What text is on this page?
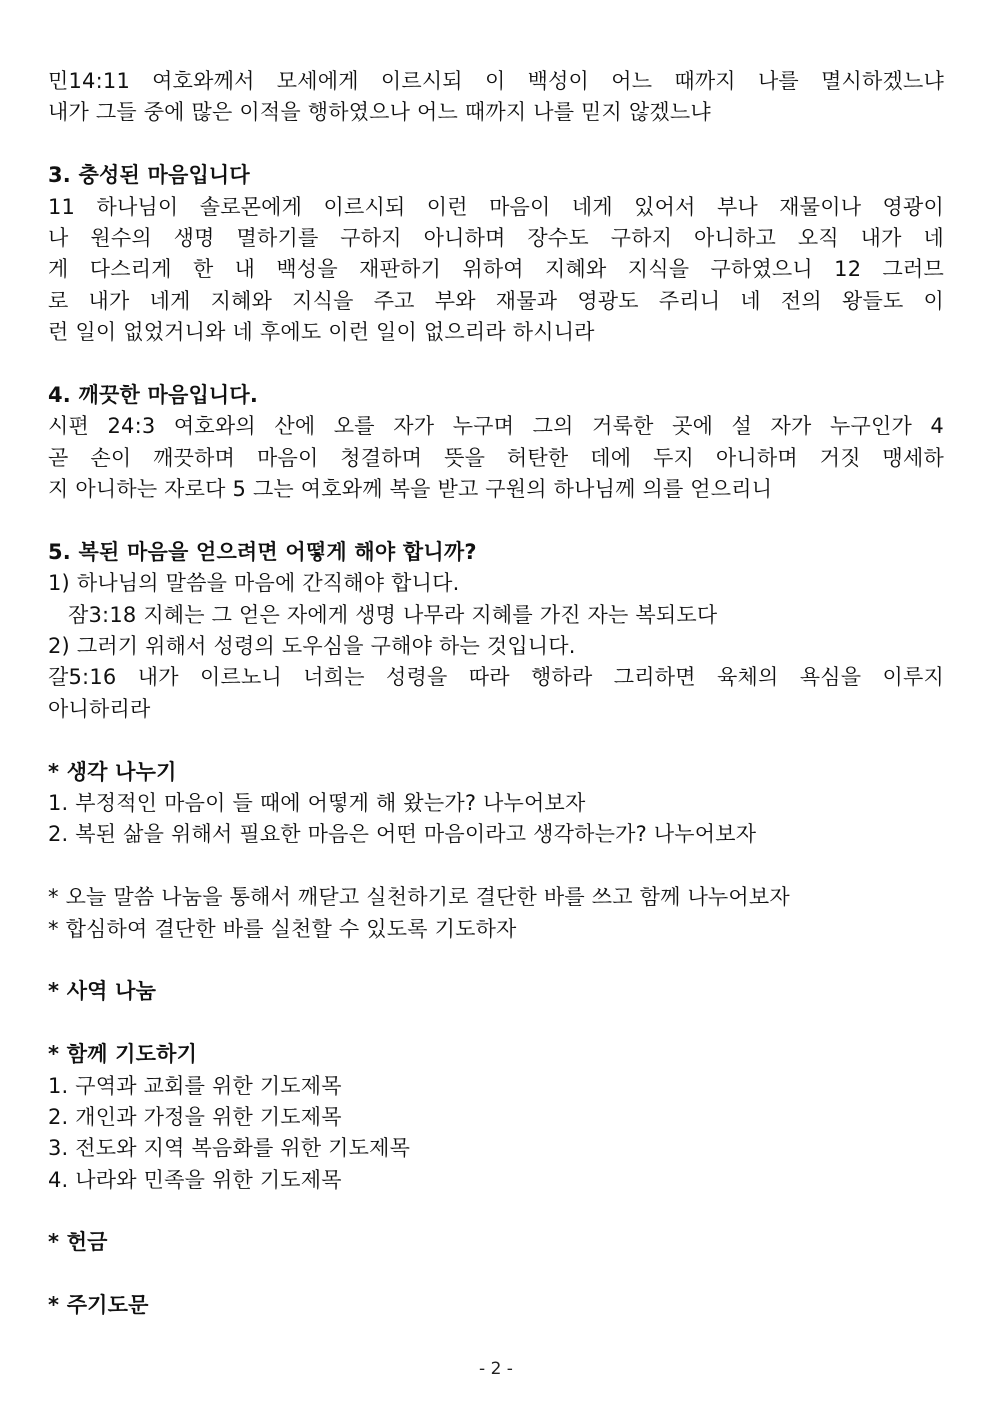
민14:11 여호와께서 모세에게 이르시되 이 백성이 어느 때까지 나를 멸시하겠느냐
내가 그들 중에 많은 이적을 행하였으나 어느 때까지 나를 믿지 않겠느냐
3. 충성된 마음입니다
11 하나님이 솔로몬에게 이르시되 이런 마음이 네게 있어서 부나 재물이나 영광이
나 원수의 생명 멸하기를 구하지 아니하며 장수도 구하지 아니하고 오직 내가 네
게 다스리게 한 내 백성을 재판하기 위하여 지혜와 지식을 구하였으니 12 그러므
로 내가 네게 지혜와 지식을 주고 부와 재물과 영광도 주리니 네 전의 왕들도 이
런 일이 없었거니와 네 후에도 이런 일이 없으리라 하시니라
4. 깨끗한 마음입니다.
시편 24:3 여호와의 산에 오를 자가 누구며 그의 거룩한 곳에 설 자가 누구인가 4
곧 손이 깨끗하며 마음이 청결하며 뜻을 허탄한 데에 두지 아니하며 거짓 맹세하
지 아니하는 자로다 5 그는 여호와께 복을 받고 구원의 하나님께 의를 얻으리니
5. 복된 마음을 얻으려면 어떻게 해야 합니까?
1) 하나님의 말씀을 마음에 간직해야 합니다.
잠3:18 지혜는 그 얻은 자에게 생명 나무라 지혜를 가진 자는 복되도다
2) 그러기 위해서 성령의 도우심을 구해야 하는 것입니다.
갈5:16 내가 이르노니 너희는 성령을 따라 행하라 그리하면 육체의 욕심을 이루지
아니하리라
* 생각 나누기
1. 부정적인 마음이 들 때에 어떻게 해 왔는가? 나누어보자
2. 복된 삶을 위해서 필요한 마음은 어떤 마음이라고 생각하는가? 나누어보자
* 오늘 말씀 나눔을 통해서 깨닫고 실천하기로 결단한 바를 쓰고 함께 나누어보자
* 합심하여 결단한 바를 실천할 수 있도록 기도하자
* 사역 나눔
* 함께 기도하기
1. 구역과 교회를 위한 기도제목
2. 개인과 가정을 위한 기도제목
3. 전도와 지역 복음화를 위한 기도제목
4. 나라와 민족을 위한 기도제목
* 헌금
* 주기도문
- 2 -
